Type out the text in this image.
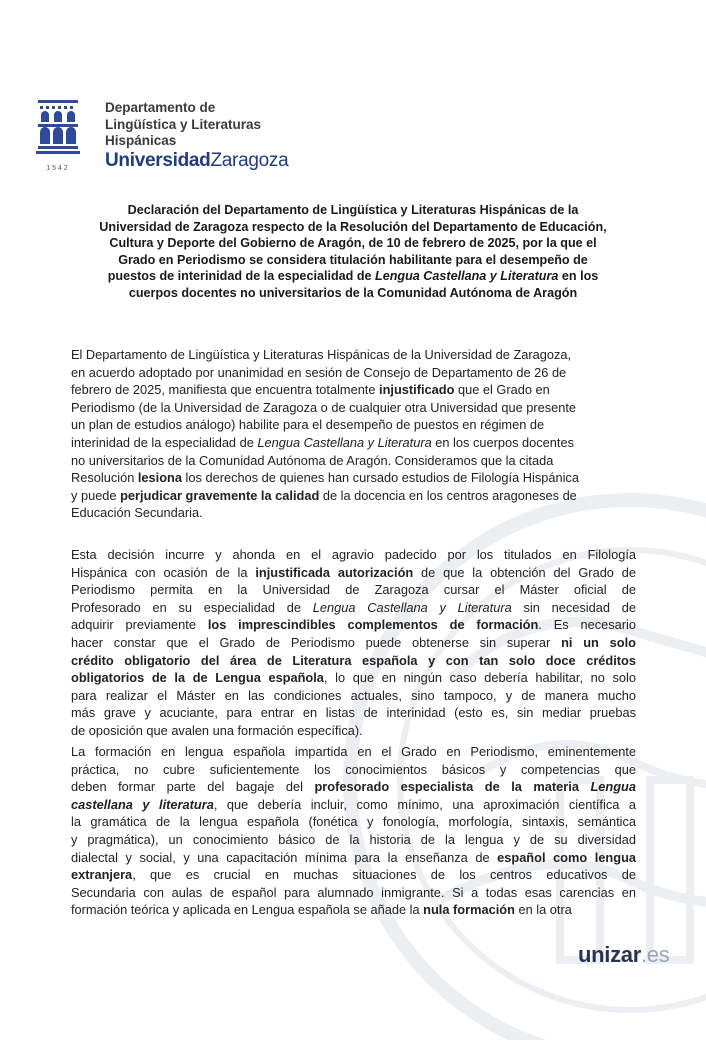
1542
Departamento de
Lingüística y Literaturas
Hispánicas
UniversidadZaragoza
Declaración del Departamento de Lingüística y Literaturas Hispánicas de la
Universidad de Zaragoza respecto de la Resolución del Departamento de Educación,
Cultura y Deporte del Gobierno de Aragón, de 10 de febrero de 2025, por la que el
Grado en Periodismo se considera titulación habilitante para el desempeño de
puestos de interinidad de la especialidad de Lengua Castellana y Literatura en los
cuerpos docentes no universitarios de la Comunidad Autónoma de Aragón
El Departamento de Lingüística y Literaturas Hispánicas de la Universidad de Zaragoza,
en acuerdo adoptado por unanimidad en sesión de Consejo de Departamento de 26 de
febrero de 2025, manifiesta que encuentra totalmente injustificado que el Grado en
Periodismo (de la Universidad de Zaragoza o de cualquier otra Universidad que presente
un plan de estudios análogo) habilite para el desempeño de puestos en régimen de
interinidad de la especialidad de Lengua Castellana y Literatura en los cuerpos docentes
no universitarios de la Comunidad Autónoma de Aragón. Consideramos que la citada
Resolución lesiona los derechos de quienes han cursado estudios de Filología Hispánica
y puede perjudicar gravemente la calidad de la docencia en los centros aragoneses de
Educación Secundaria.
Esta decisión incurre y ahonda en el agravio padecido por los titulados en Filología
Hispánica con ocasión de la injustificada autorización de que la obtención del Grado de
Periodismo permita en la Universidad de Zaragoza cursar el Máster oficial de
Profesorado en su especialidad de Lengua Castellana y Literatura sin necesidad de
adquirir previamente los imprescindibles complementos de formación. Es necesario
hacer constar que el Grado de Periodismo puede obtenerse sin superar ni un solo
crédito obligatorio del área de Literatura española y con tan solo doce créditos
obligatorios de la de Lengua española, lo que en ningún caso debería habilitar, no solo
para realizar el Máster en las condiciones actuales, sino tampoco, y de manera mucho
más grave y acuciante, para entrar en listas de interinidad (esto es, sin mediar pruebas
de oposición que avalen una formación específica).
La formación en lengua española impartida en el Grado en Periodismo, eminentemente
práctica, no cubre suficientemente los conocimientos básicos y competencias que
deben formar parte del bagaje del profesorado especialista de la materia Lengua
castellana y literatura, que debería incluir, como mínimo, una aproximación científica a
la gramática de la lengua española (fonética y fonología, morfología, sintaxis, semántica
y pragmática), un conocimiento básico de la historia de la lengua y de su diversidad
dialectal y social, y una capacitación mínima para la enseñanza de español como lengua
extranjera, que es crucial en muchas situaciones de los centros educativos de
Secundaria con aulas de español para alumnado inmigrante. Si a todas esas carencias en
formación teórica y aplicada en Lengua española se añade la nula formación en la otra
unizar.es
